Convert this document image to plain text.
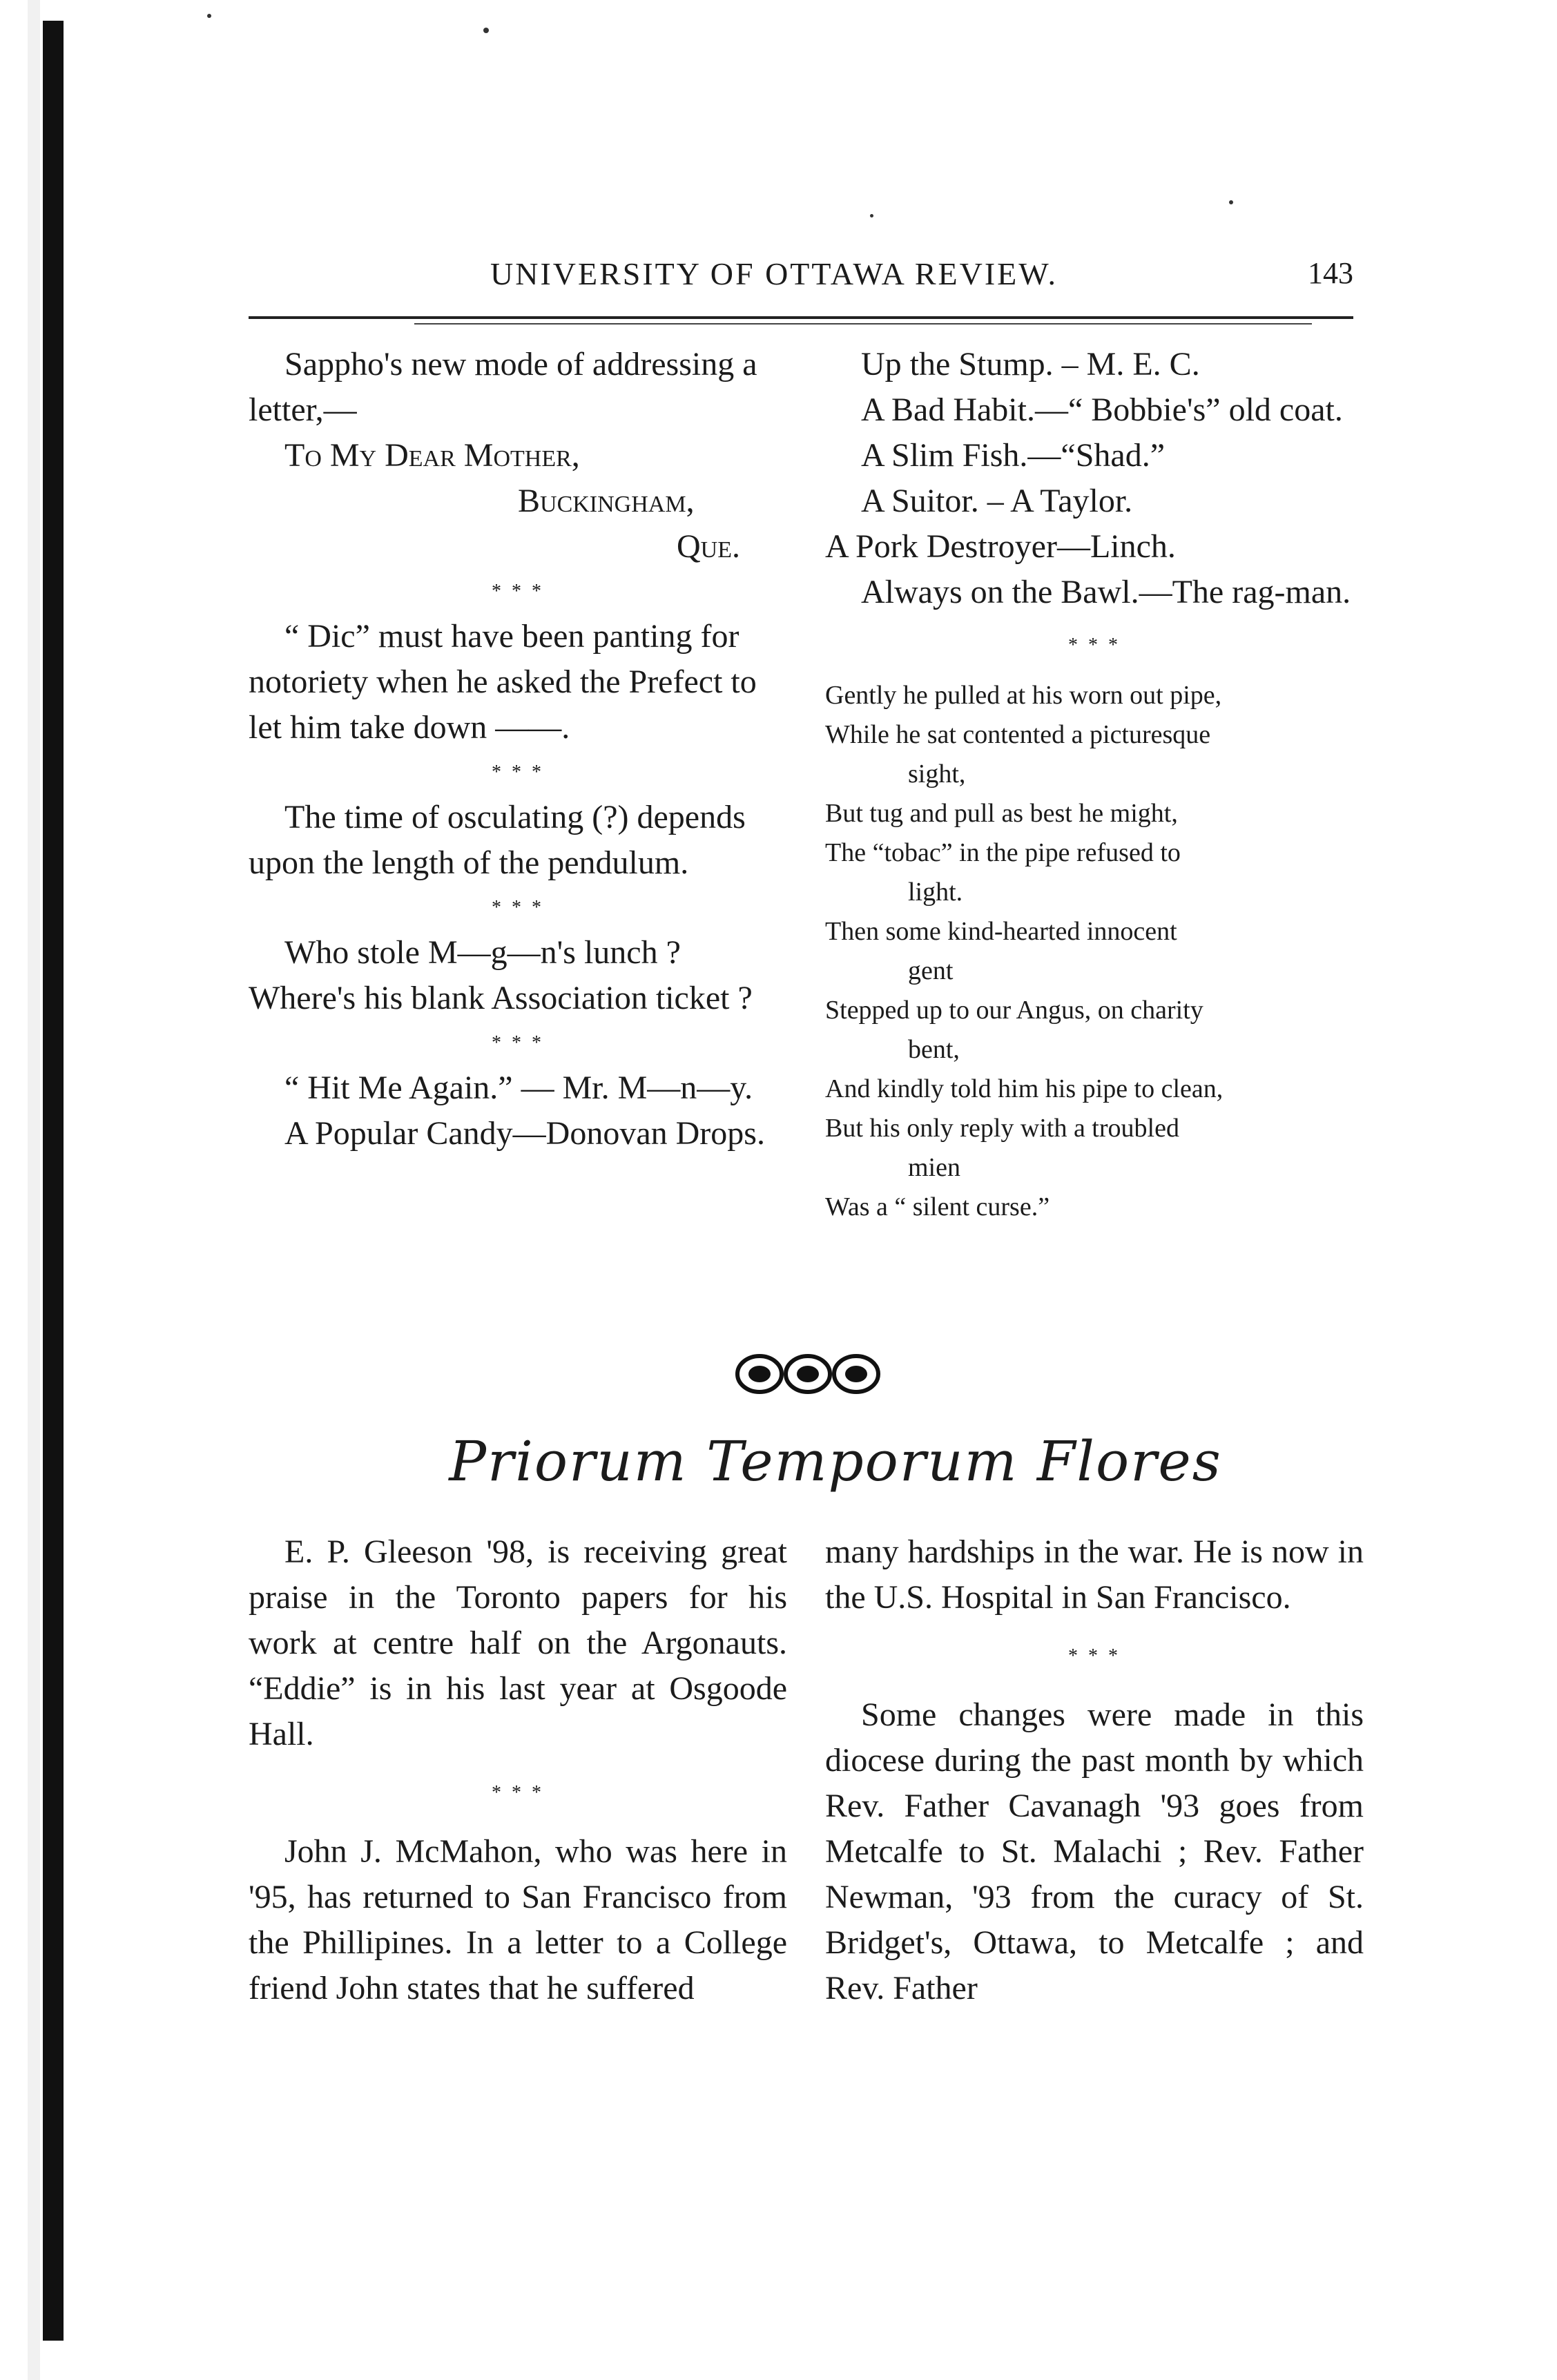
UNIVERSITY OF OTTAWA REVIEW.	143

Sappho's new mode of addressing a letter,—

To My Dear Mother,

Buckingham,

Que.

* * *

“ Dic” must have been panting for notoriety when he asked the Prefect to let him take down ——.

* * *

The time of osculating (?) depends upon the length of the pendulum.

* * *

Who stole M—g—n's lunch ? Where's his blank Association ticket ?

* * *

“ Hit Me Again.” — Mr. M—n—y.

A Popular Candy—Donovan Drops.

Up the Stump. – M. E. C.

A Bad Habit.—“ Bobbie's” old coat.

A Slim Fish.—“Shad.”

A Suitor. – A Taylor.

A Pork Destroyer—Linch.

Always on the Bawl.—The rag-man.

* * *

Gently he pulled at his worn out pipe,

While he sat contented a picturesque

sight,

But tug and pull as best he might,

The “tobac” in the pipe refused to

light.

Then some kind-hearted innocent

gent

Stepped up to our Angus, on charity

bent,

And kindly told him his pipe to clean,

But his only reply with a troubled

mien

Was a “ silent curse.”

Priorum Temporum Flores

E. P. Gleeson '98, is receiving great praise in the Toronto papers for his work at centre half on the Argonauts. “Eddie” is in his last year at Osgoode Hall.

* * *

John J. McMahon, who was here in '95, has returned to San Francisco from the Phillipines. In a letter to a College friend John states that he suffered

many hardships in the war. He is now in the U.S. Hospital in San Francisco.

* * *

Some changes were made in this diocese during the past month by which Rev. Father Cavanagh '93 goes from Metcalfe to St. Malachi ; Rev. Father Newman, '93 from the curacy of St. Bridget's, Ottawa, to Metcalfe ; and Rev. Father
